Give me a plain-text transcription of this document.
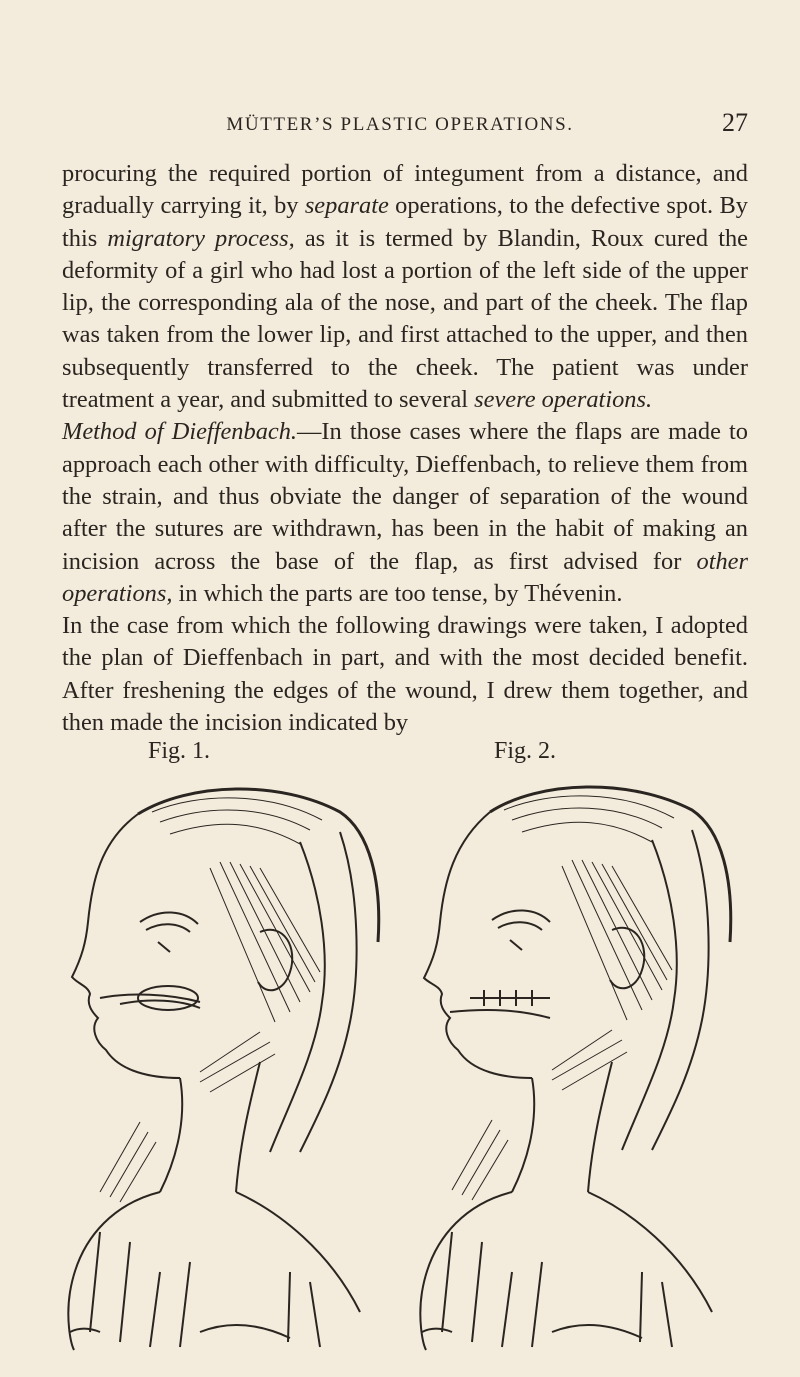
MÜTTER’S PLASTIC OPERATIONS.	27

procuring the required portion of integument from a distance, and gradually carrying it, by separate operations, to the defective spot. By this migratory process, as it is termed by Blandin, Roux cured the deformity of a girl who had lost a portion of the left side of the upper lip, the corresponding ala of the nose, and part of the cheek. The flap was taken from the lower lip, and first attached to the upper, and then subsequently transferred to the cheek. The patient was under treatment a year, and submitted to several severe operations.

Method of Dieffenbach.—In those cases where the flaps are made to approach each other with difficulty, Dieffenbach, to relieve them from the strain, and thus obviate the danger of separation of the wound after the sutures are withdrawn, has been in the habit of making an incision across the base of the flap, as first advised for other operations, in which the parts are too tense, by Thévenin.

In the case from which the following drawings were taken, I adopted the plan of Dieffenbach in part, and with the most decided benefit. After freshening the edges of the wound, I drew them together, and then made the incision indicated by

Fig. 1.	Fig. 2.
